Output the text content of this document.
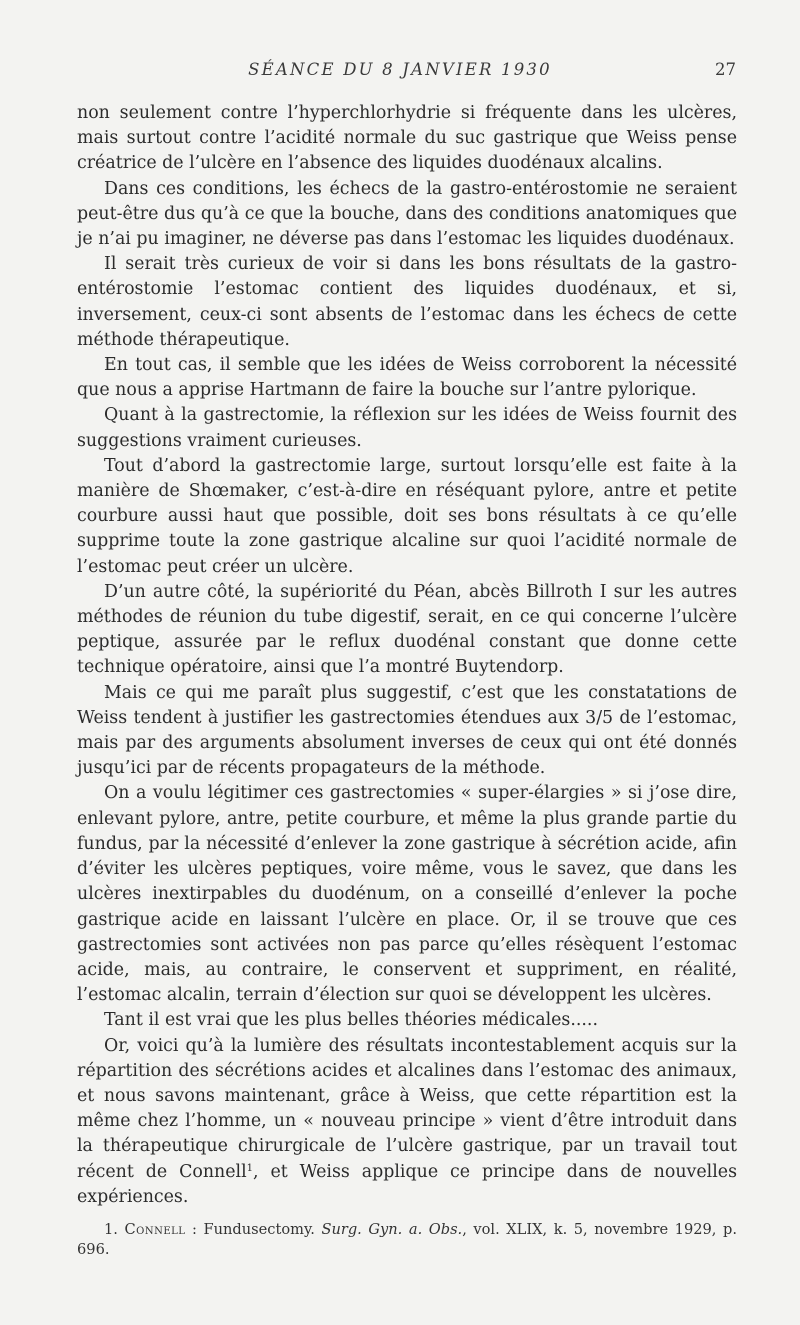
SÉANCE DU 8 JANVIER 1930	27

non seulement contre l’hyperchlorhydrie si fréquente dans les ulcères, mais surtout contre l’acidité normale du suc gastrique que Weiss pense créatrice de l’ulcère en l’absence des liquides duodénaux alcalins.

Dans ces conditions, les échecs de la gastro-entérostomie ne seraient peut-être dus qu’à ce que la bouche, dans des conditions anatomiques que je n’ai pu imaginer, ne déverse pas dans l’estomac les liquides duodénaux.

Il serait très curieux de voir si dans les bons résultats de la gastro-entérostomie l’estomac contient des liquides duodénaux, et si, inversement, ceux-ci sont absents de l’estomac dans les échecs de cette méthode thérapeutique.

En tout cas, il semble que les idées de Weiss corroborent la nécessité que nous a apprise Hartmann de faire la bouche sur l’antre pylorique.

Quant à la gastrectomie, la réflexion sur les idées de Weiss fournit des suggestions vraiment curieuses.

Tout d’abord la gastrectomie large, surtout lorsqu’elle est faite à la manière de Shœmaker, c’est-à-dire en réséquant pylore, antre et petite courbure aussi haut que possible, doit ses bons résultats à ce qu’elle supprime toute la zone gastrique alcaline sur quoi l’acidité normale de l’estomac peut créer un ulcère.

D’un autre côté, la supériorité du Péan, abcès Billroth I sur les autres méthodes de réunion du tube digestif, serait, en ce qui concerne l’ulcère peptique, assurée par le reflux duodénal constant que donne cette technique opératoire, ainsi que l’a montré Buytendorp.

Mais ce qui me paraît plus suggestif, c’est que les constatations de Weiss tendent à justifier les gastrectomies étendues aux 3/5 de l’estomac, mais par des arguments absolument inverses de ceux qui ont été donnés jusqu’ici par de récents propagateurs de la méthode.

On a voulu légitimer ces gastrectomies « super-élargies » si j’ose dire, enlevant pylore, antre, petite courbure, et même la plus grande partie du fundus, par la nécessité d’enlever la zone gastrique à sécrétion acide, afin d’éviter les ulcères peptiques, voire même, vous le savez, que dans les ulcères inextirpables du duodénum, on a conseillé d’enlever la poche gastrique acide en laissant l’ulcère en place. Or, il se trouve que ces gastrectomies sont activées non pas parce qu’elles résèquent l’estomac acide, mais, au contraire, le conservent et suppriment, en réalité, l’estomac alcalin, terrain d’élection sur quoi se développent les ulcères.

Tant il est vrai que les plus belles théories médicales.....

Or, voici qu’à la lumière des résultats incontestablement acquis sur la répartition des sécrétions acides et alcalines dans l’estomac des animaux, et nous savons maintenant, grâce à Weiss, que cette répartition est la même chez l’homme, un « nouveau principe » vient d’être introduit dans la thérapeutique chirurgicale de l’ulcère gastrique, par un travail tout récent de Connell$^1$, et Weiss applique ce principe dans de nouvelles expériences.

1. Connell : Fundusectomy. Surg. Gyn. a. Obs., vol. XLIX, k. 5, novembre 1929, p. 696.
